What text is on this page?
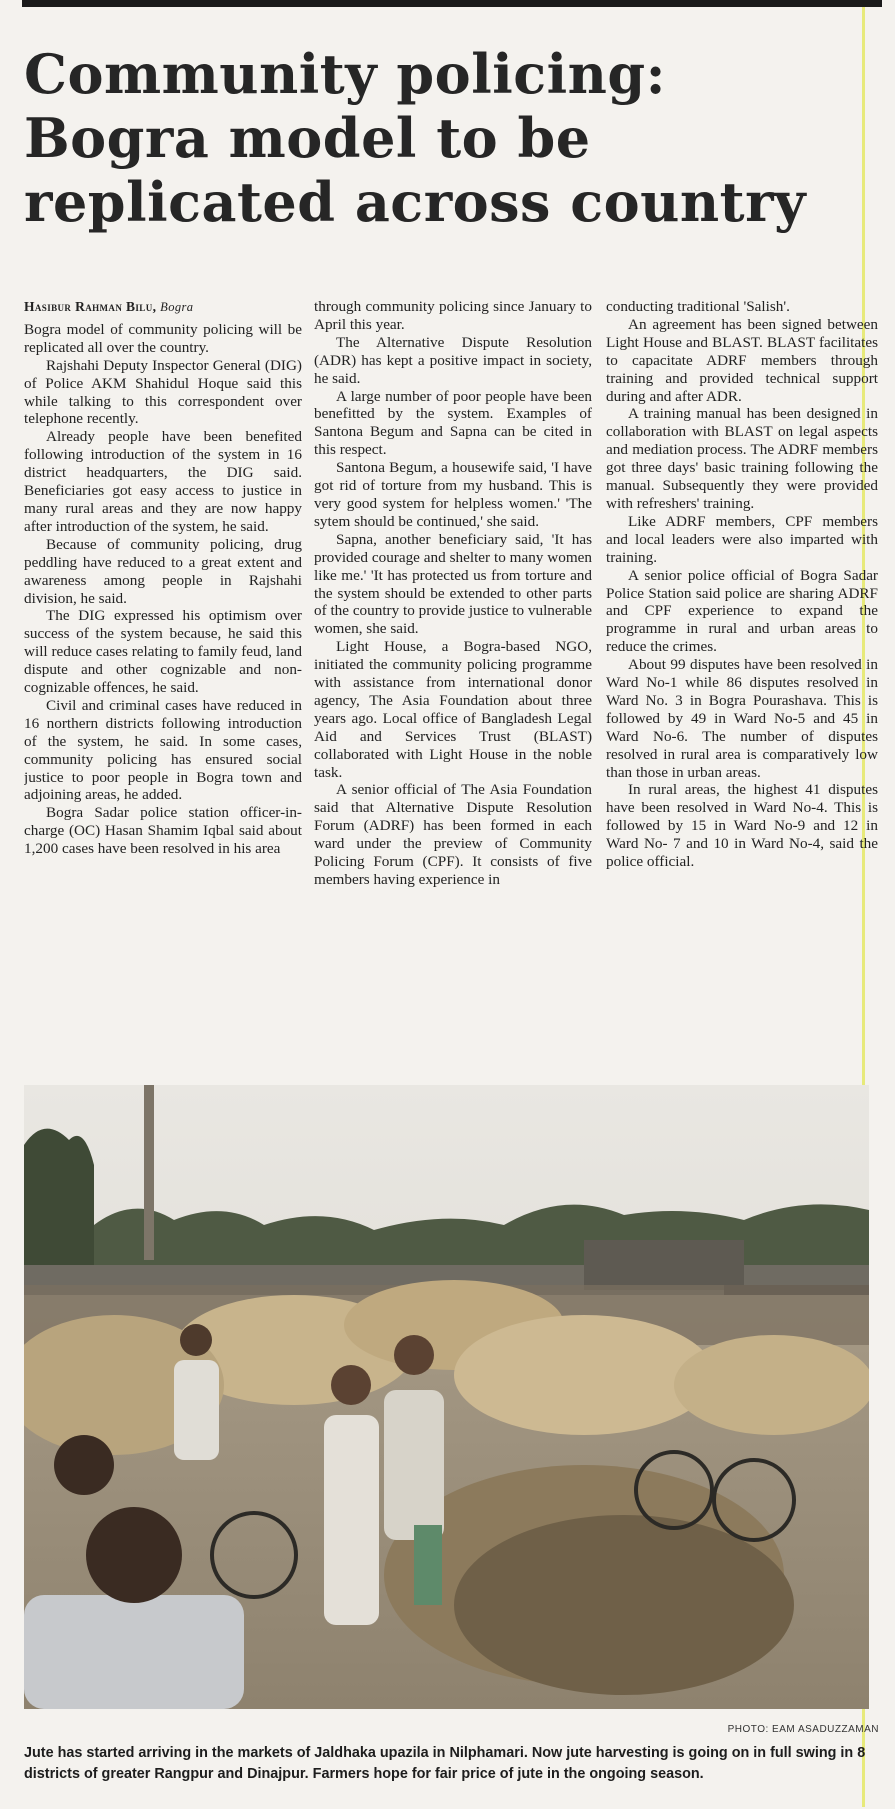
Community policing: Bogra model to be replicated across country
Hasibur Rahman Bilu, Bogra

Bogra model of community policing will be replicated all over the country.

Rajshahi Deputy Inspector General (DIG) of Police AKM Shahidul Hoque said this while talking to this correspondent over telephone recently.

Already people have been benefited following introduction of the system in 16 district headquarters, the DIG said. Beneficiaries got easy access to justice in many rural areas and they are now happy after introduction of the system, he said.

Because of community policing, drug peddling have reduced to a great extent and awareness among people in Rajshahi division, he said.

The DIG expressed his optimism over success of the system because, he said this will reduce cases relating to family feud, land dispute and other cognizable and non-cognizable offences, he said.

Civil and criminal cases have reduced in 16 northern districts following introduction of the system, he said. In some cases, community policing has ensured social justice to poor people in Bogra town and adjoining areas, he added.

Bogra Sadar police station officer-in-charge (OC) Hasan Shamim Iqbal said about 1,200 cases have been resolved in his area

through community policing since January to April this year.

The Alternative Dispute Resolution (ADR) has kept a positive impact in society, he said.

A large number of poor people have been benefitted by the system. Examples of Santona Begum and Sapna can be cited in this respect.

Santona Begum, a housewife said, 'I have got rid of torture from my husband. This is very good system for helpless women.' 'The sytem should be continued,' she said.

Sapna, another beneficiary said, 'It has provided courage and shelter to many women like me.' 'It has protected us from torture and the system should be extended to other parts of the country to provide justice to vulnerable women, she said.

Light House, a Bogra-based NGO, initiated the community policing programme with assistance from international donor agency, The Asia Foundation about three years ago. Local office of Bangladesh Legal Aid and Services Trust (BLAST) collaborated with Light House in the noble task.

A senior official of The Asia Foundation said that Alternative Dispute Resolution Forum (ADRF) has been formed in each ward under the preview of Community Policing Forum (CPF). It consists of five members having experience in

conducting traditional 'Salish'.

An agreement has been signed between Light House and BLAST. BLAST facilitates to capacitate ADRF members through training and provided technical support during and after ADR.

A training manual has been designed in collaboration with BLAST on legal aspects and mediation process. The ADRF members got three days' basic training following the manual. Subsequently they were provided with refreshers' training.

Like ADRF members, CPF members and local leaders were also imparted with training.

A senior police official of Bogra Sadar Police Station said police are sharing ADRF and CPF experience to expand the programme in rural and urban areas to reduce the crimes.

About 99 disputes have been resolved in Ward No-1 while 86 disputes resolved in Ward No. 3 in Bogra Pourashava. This is followed by 49 in Ward No-5 and 45 in Ward No-6. The number of disputes resolved in rural area is comparatively low than those in urban areas.

In rural areas, the highest 41 disputes have been resolved in Ward No-4. This is followed by 15 in Ward No-9 and 12 in Ward No- 7 and 10 in Ward No-4, said the police official.

PHOTO: EAM ASADUZZAMAN
Jute has started arriving in the markets of Jaldhaka upazila in Nilphamari. Now jute harvesting is going on in full swing in 8 districts of greater Rangpur and Dinajpur. Farmers hope for fair price of jute in the ongoing season.
